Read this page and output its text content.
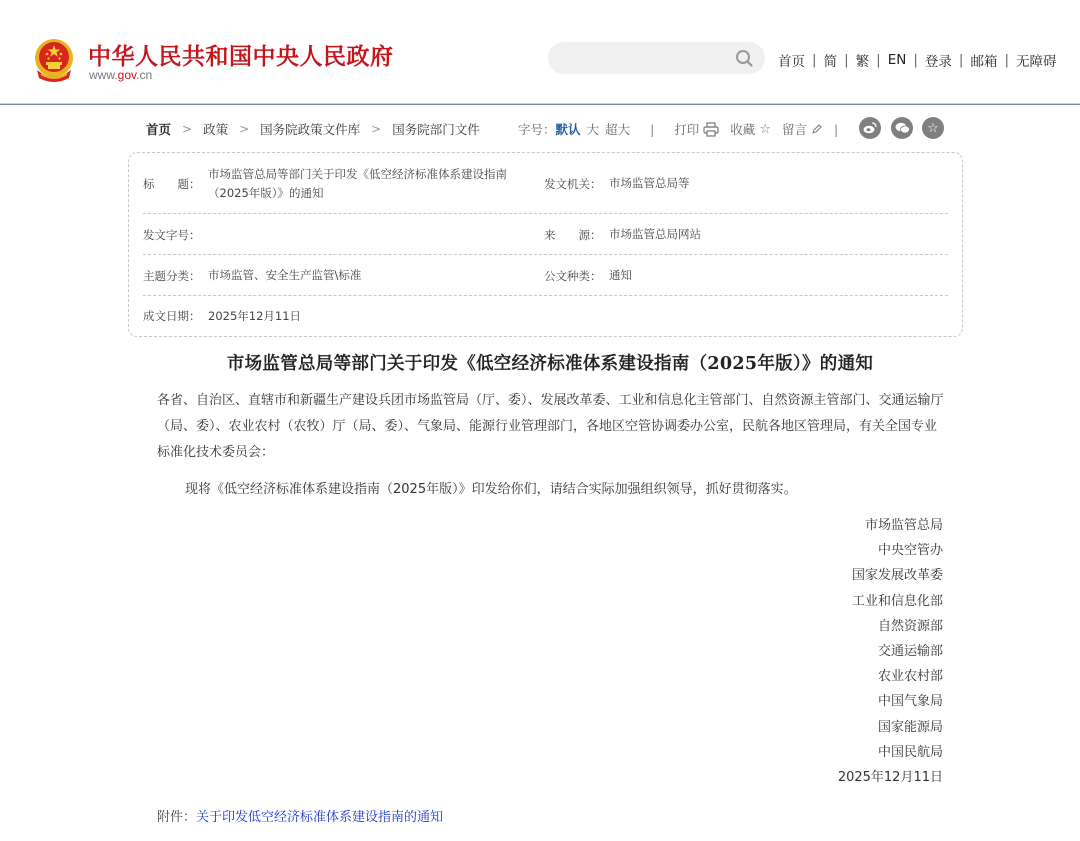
中华人民共和国中央人民政府
www.gov.cn
首页 | 简 | 繁 | EN | 登录 | 邮箱 | 无障碍
首页 > 政策 > 国务院政策文件库 > 国务院部门文件	字号： 默认 大 超大 | 打印 收藏 ☆ 留言 |	☆
标　　题：
市场监管总局等部门关于印发《低空经济标准体系建设指南（2025年版）》的通知
发文机关： 市场监管总局等
发文字号：	来　　源： 市场监管总局网站
主题分类： 市场监管、安全生产监管\标准	公文种类： 通知
成文日期： 2025年12月11日
市场监管总局等部门关于印发《低空经济标准体系建设指南（2025年版）》的通知
各省、自治区、直辖市和新疆生产建设兵团市场监管局（厅、委）、发展改革委、工业和信息化主管部门、自然资源主管部门、交通运输厅（局、委）、农业农村（农牧）厅（局、委）、气象局、能源行业管理部门，各地区空管协调委办公室，民航各地区管理局，有关全国专业标准化技术委员会：
现将《低空经济标准体系建设指南（2025年版）》印发给你们，请结合实际加强组织领导，抓好贯彻落实。
市场监管总局
中央空管办
国家发展改革委
工业和信息化部
自然资源部
交通运输部
农业农村部
中国气象局
国家能源局
中国民航局
2025年12月11日
附件：关于印发低空经济标准体系建设指南的通知
